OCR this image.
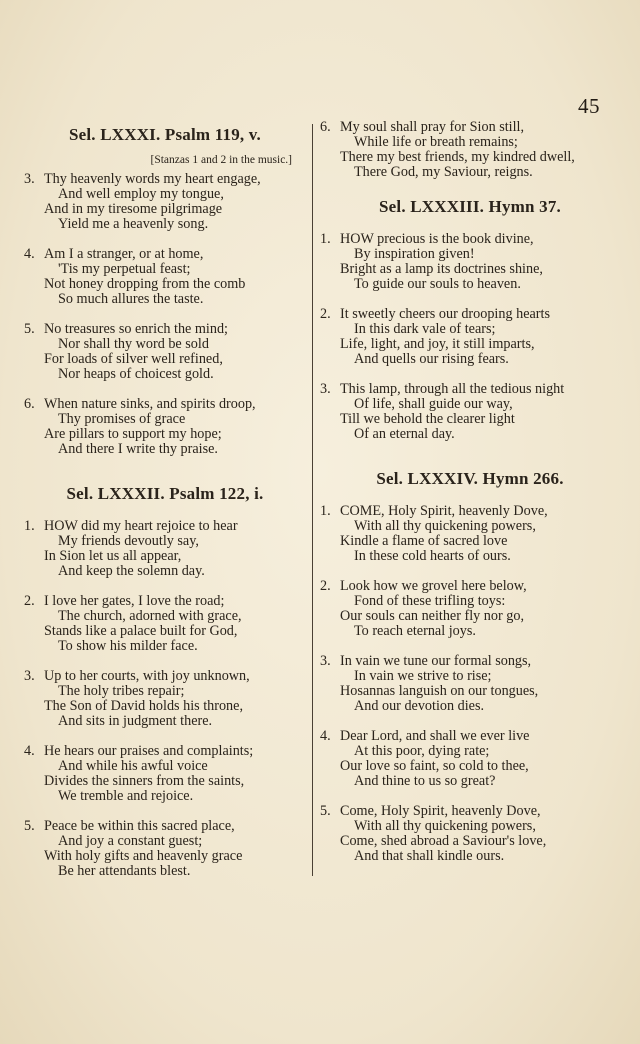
45
Sel. LXXXI. Psalm 119, v.
[Stanzas 1 and 2 in the music.]
3. Thy heavenly words my heart engage,
And well employ my tongue,
And in my tiresome pilgrimage
Yield me a heavenly song.
4. Am I a stranger, or at home,
'Tis my perpetual feast;
Not honey dropping from the comb
So much allures the taste.
5. No treasures so enrich the mind;
Nor shall thy word be sold
For loads of silver well refined,
Nor heaps of choicest gold.
6. When nature sinks, and spirits droop,
Thy promises of grace
Are pillars to support my hope;
And there I write thy praise.
Sel. LXXXII. Psalm 122, i.
1. HOW did my heart rejoice to hear
My friends devoutly say,
In Sion let us all appear,
And keep the solemn day.
2. I love her gates, I love the road;
The church, adorned with grace,
Stands like a palace built for God,
To show his milder face.
3. Up to her courts, with joy unknown,
The holy tribes repair;
The Son of David holds his throne,
And sits in judgment there.
4. He hears our praises and complaints;
And while his awful voice
Divides the sinners from the saints,
We tremble and rejoice.
5. Peace be within this sacred place,
And joy a constant guest;
With holy gifts and heavenly grace
Be her attendants blest.
6. My soul shall pray for Sion still,
While life or breath remains;
There my best friends, my kindred dwell,
There God, my Saviour, reigns.
Sel. LXXXIII. Hymn 37.
1. HOW precious is the book divine,
By inspiration given!
Bright as a lamp its doctrines shine,
To guide our souls to heaven.
2. It sweetly cheers our drooping hearts
In this dark vale of tears;
Life, light, and joy, it still imparts,
And quells our rising fears.
3. This lamp, through all the tedious night
Of life, shall guide our way,
Till we behold the clearer light
Of an eternal day.
Sel. LXXXIV. Hymn 266.
1. COME, Holy Spirit, heavenly Dove,
With all thy quickening powers,
Kindle a flame of sacred love
In these cold hearts of ours.
2. Look how we grovel here below,
Fond of these trifling toys:
Our souls can neither fly nor go,
To reach eternal joys.
3. In vain we tune our formal songs,
In vain we strive to rise;
Hosannas languish on our tongues,
And our devotion dies.
4. Dear Lord, and shall we ever live
At this poor, dying rate;
Our love so faint, so cold to thee,
And thine to us so great?
5. Come, Holy Spirit, heavenly Dove,
With all thy quickening powers,
Come, shed abroad a Saviour's love,
And that shall kindle ours.
